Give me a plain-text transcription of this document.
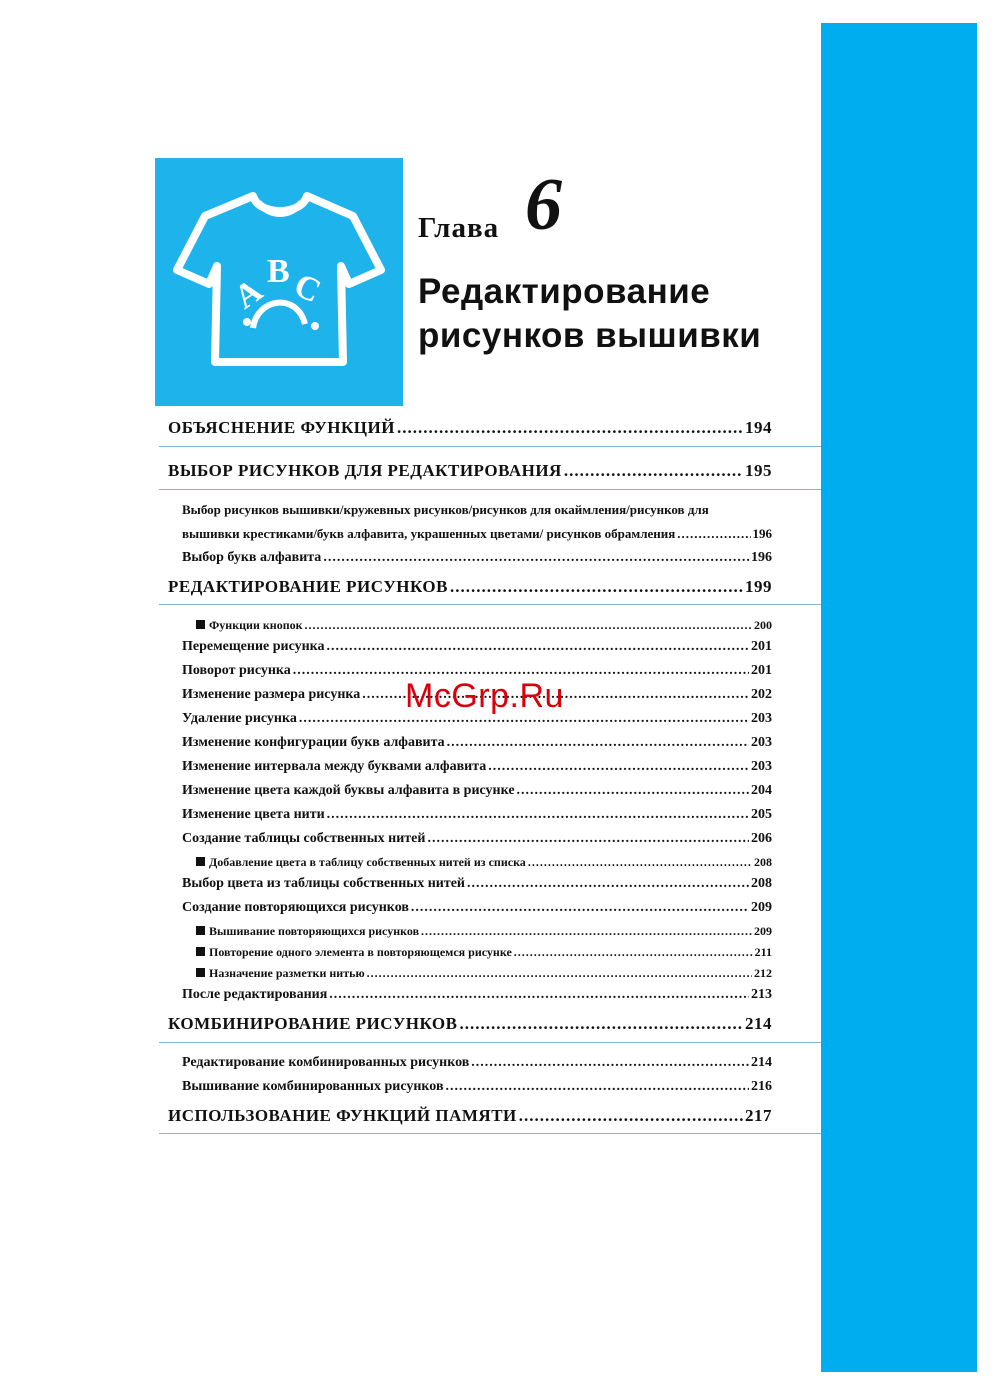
A
B
C
Глава 6
Редактирование
рисунков вышивки
ОБЪЯСНЕНИЕ ФУНКЦИЙ .....	194
ВЫБОР РИСУНКОВ ДЛЯ РЕДАКТИРОВАНИЯ .....	195
Выбор рисунков вышивки/кружевных рисунков/рисунков для окаймления/рисунков для
вышивки крестиками/букв алфавита, украшенных цветами/ рисунков обрамления .....	196
Выбор букв алфавита .....	196
РЕДАКТИРОВАНИЕ РИСУНКОВ .....	199
Функции кнопок .....	200
Перемещение рисунка .....	201
Поворот рисунка .....	201
Изменение размера рисунка .....	202
Удаление рисунка .....	203
Изменение конфигурации букв алфавита .....	203
Изменение интервала между буквами алфавита .....	203
Изменение цвета каждой буквы алфавита в рисунке .....	204
Изменение цвета нити .....	205
Создание таблицы собственных нитей .....	206
Добавление цвета в таблицу собственных нитей из списка .....	208
Выбор цвета из таблицы собственных нитей .....	208
Создание повторяющихся рисунков .....	209
Вышивание повторяющихся рисунков .....	209
Повторение одного элемента в повторяющемся рисунке .....	211
Назначение разметки нитью .....	212
После редактирования .....	213
КОМБИНИРОВАНИЕ РИСУНКОВ .....	214
Редактирование комбинированных рисунков .....	214
Вышивание комбинированных рисунков .....	216
ИСПОЛЬЗОВАНИЕ ФУНКЦИЙ ПАМЯТИ .....	217
McGrp.Ru
